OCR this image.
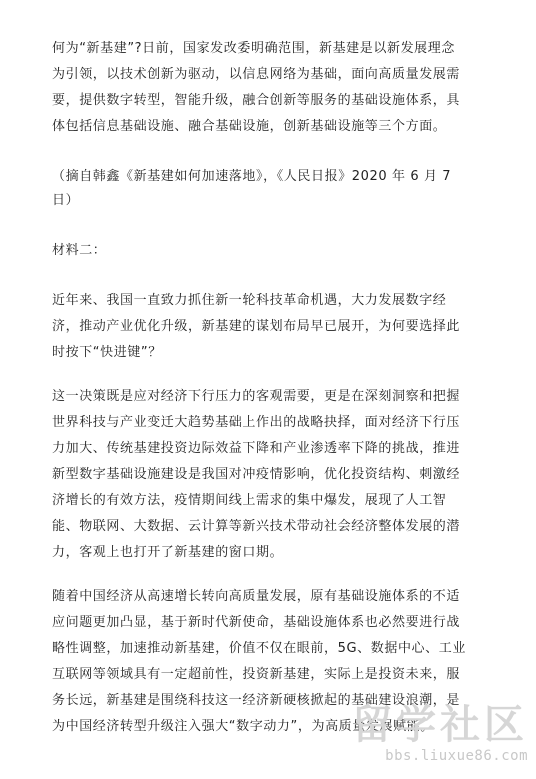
何为“新基建”?日前，国家发改委明确范围，新基建是以新发展理念

为引领，以技术创新为驱动，以信息网络为基础，面向高质量发展需

要，提供数字转型，智能升级，融合创新等服务的基础设施体系，具

体包括信息基础设施、融合基础设施，创新基础设施等三个方面。

（摘自韩鑫《新基建如何加速落地》，《人民日报》2020 年 6 月 7

日）

材料二：

近年来、我国一直致力抓住新一轮科技革命机遇，大力发展数字经

济，推动产业优化升级，新基建的谋划布局早已展开，为何要选择此

时按下“快进键”？

这一决策既是应对经济下行压力的客观需要，更是在深刻洞察和把握

世界科技与产业变迁大趋势基础上作出的战略抉择，面对经济下行压

力加大、传统基建投资边际效益下降和产业渗透率下降的挑战，推进

新型数字基础设施建设是我国对冲疫情影响，优化投资结构、刺激经

济增长的有效方法，疫情期间线上需求的集中爆发，展现了人工智

能、物联网、大数据、云计算等新兴技术带动社会经济整体发展的潜

力，客观上也打开了新基建的窗口期。

随着中国经济从高速增长转向高质量发展，原有基础设施体系的不适

应问题更加凸显，基于新时代新使命，基础设施体系也必然要进行战

略性调整，加速推动新基建，价值不仅在眼前，5G、数据中心、工业

互联网等领域具有一定超前性，投资新基建，实际上是投资未来，服

务长远，新基建是围绕科技这一经济新硬核掀起的基础建设浪潮，是

为中国经济转型升级注入强大“数字动力”，为高质量发展赋能。

留学社区
bbs.liuxue86.com
